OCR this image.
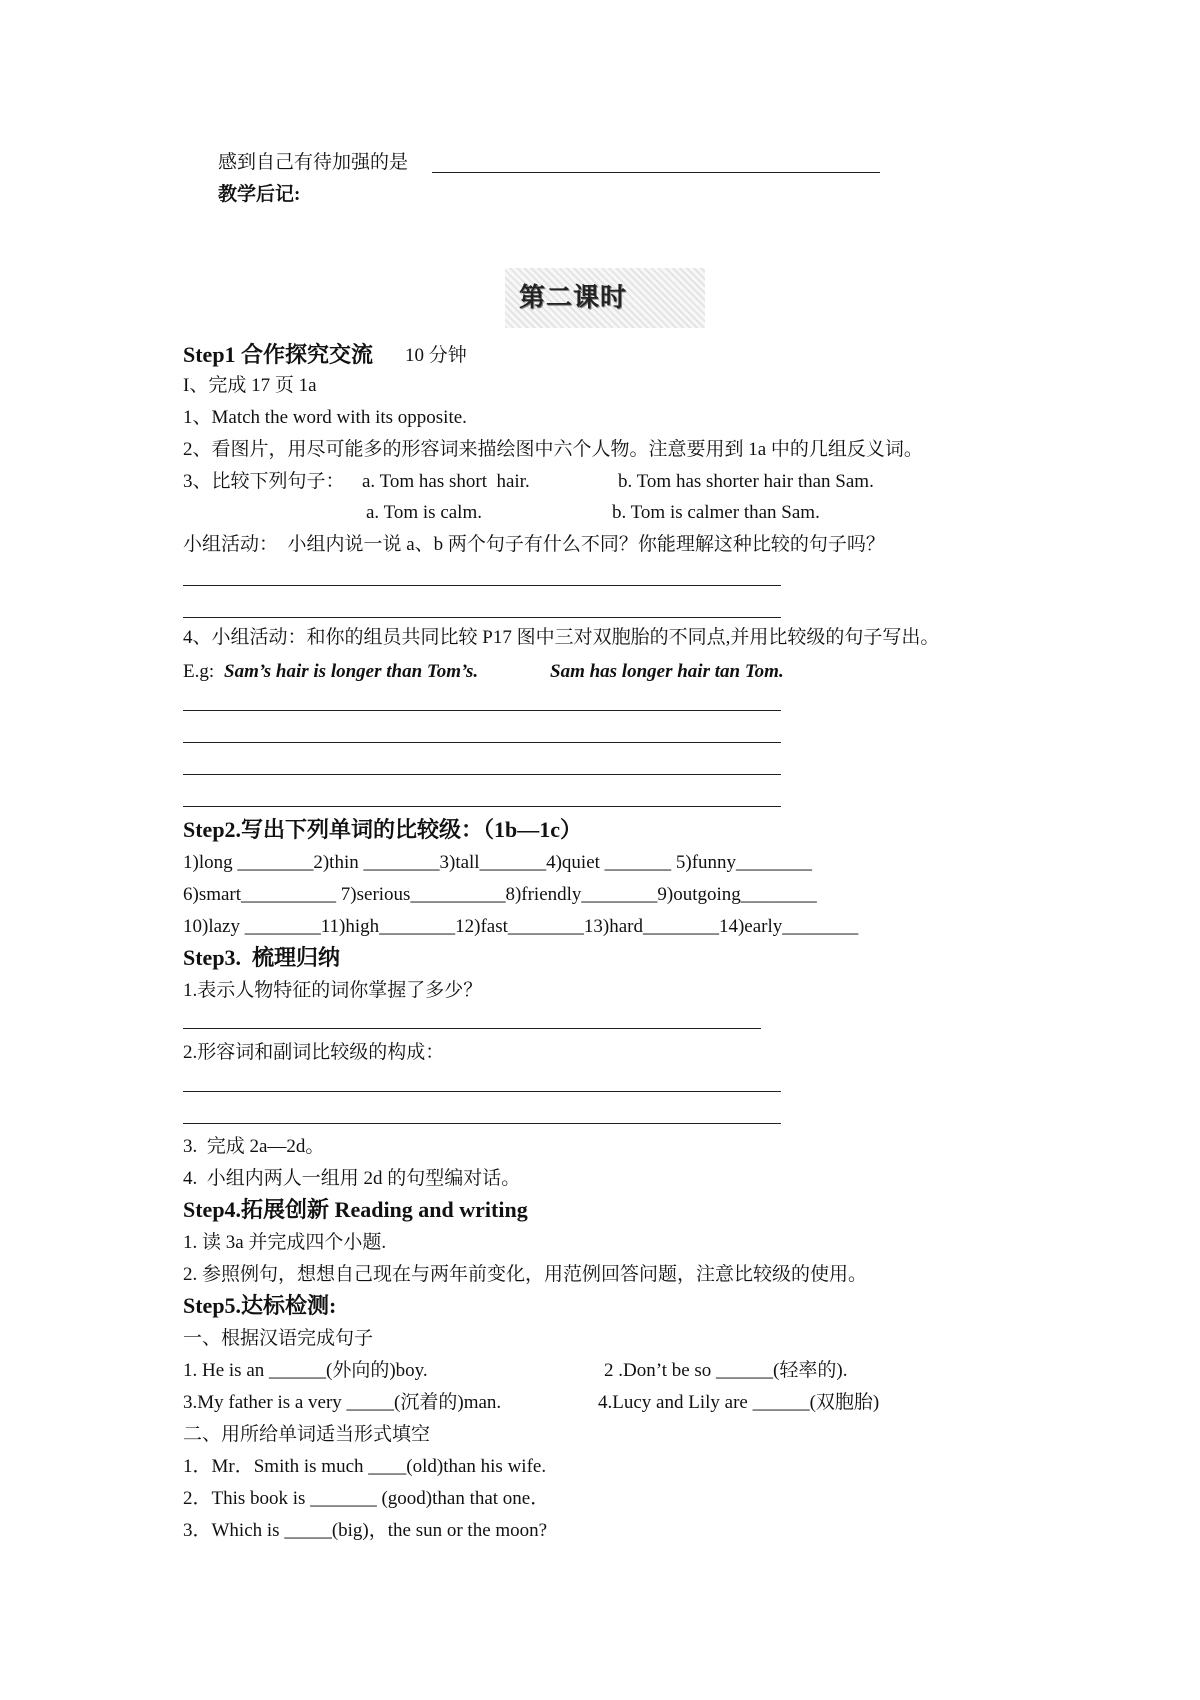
感到自己有待加强的是
教学后记:
第二课时
Step1 合作探究交流 10 分钟
I、完成 17 页 1a
1、Match the word with its opposite.
2、看图片，用尽可能多的形容词来描绘图中六个人物。注意要用到 1a 中的几组反义词。
3、比较下列句子： a. Tom has short  hair.	b. Tom has shorter hair than Sam.
a. Tom is calm.	b. Tom is calmer than Sam.
小组活动：  小组内说一说 a、b 两个句子有什么不同？你能理解这种比较的句子吗？
4、小组活动：和你的组员共同比较 P17 图中三对双胞胎的不同点,并用比较级的句子写出。
E.g: Sam’s hair is longer than Tom’s.	Sam has longer hair tan Tom.
Step2.写出下列单词的比较级：（1b—1c）
1)long ________2)thin ________3)tall_______4)quiet _______ 5)funny________
6)smart__________ 7)serious__________8)friendly________9)outgoing________
10)lazy ________11)high________12)fast________13)hard________14)early________
Step3.  梳理归纳
1.表示人物特征的词你掌握了多少？
2.形容词和副词比较级的构成：
3.  完成 2a—2d。
4.  小组内两人一组用 2d 的句型编对话。
Step4.拓展创新 Reading and writing
1. 读 3a 并完成四个小题.
2. 参照例句，想想自己现在与两年前变化，用范例回答问题，注意比较级的使用。
Step5.达标检测:
一、根据汉语完成句子
1. He is an ______(外向的)boy.	2 .Don’t be so ______(轻率的).
3.My father is a very _____(沉着的)man.	4.Lucy and Lily are ______(双胞胎)
二、用所给单词适当形式填空
1．Mr．Smith is much ____(old)than his wife.
2．This book is _______ (good)than that one．
3．Which is _____(big)，the sun or the moon?
